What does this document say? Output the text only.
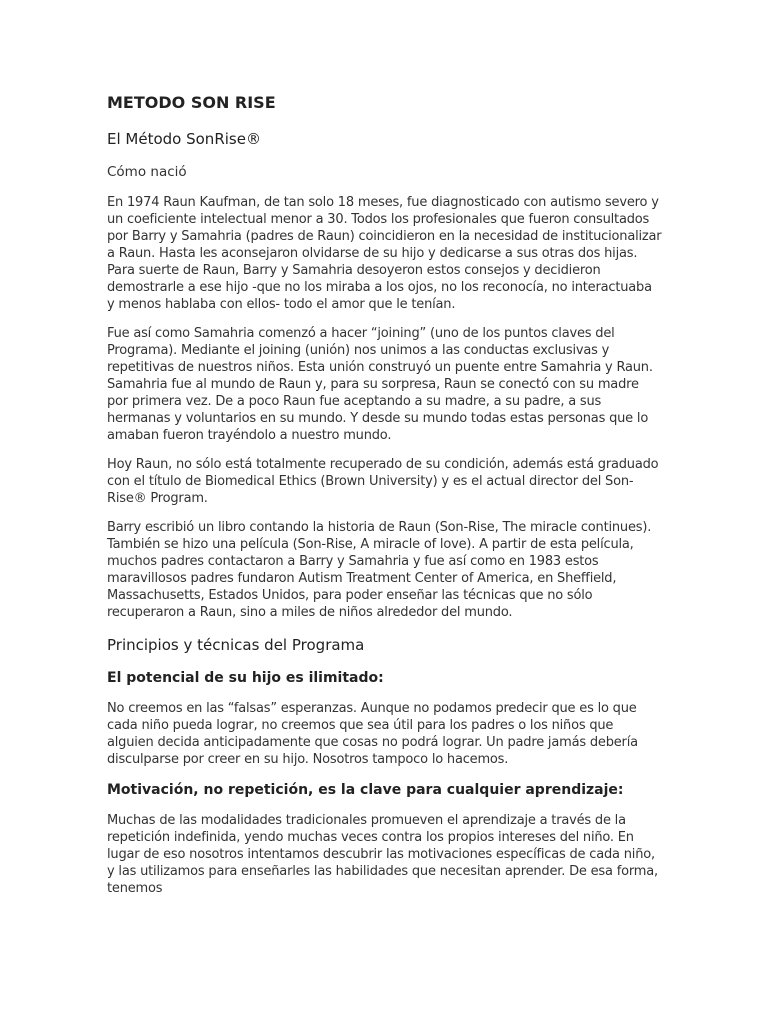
METODO SON RISE
El Método SonRise®
Cómo nació

En 1974 Raun Kaufman, de tan solo 18 meses, fue diagnosticado con autismo severo y un coeficiente intelectual menor a 30. Todos los profesionales que fueron consultados por Barry y Samahria (padres de Raun) coincidieron en la necesidad de institucionalizar a Raun. Hasta les aconsejaron olvidarse de su hijo y dedicarse a sus otras dos hijas. Para suerte de Raun, Barry y Samahria desoyeron estos consejos y decidieron demostrarle a ese hijo -que no los miraba a los ojos, no los reconocía, no interactuaba y menos hablaba con ellos- todo el amor que le tenían.

Fue así como Samahria comenzó a hacer “joining” (uno de los puntos claves del Programa). Mediante el joining (unión) nos unimos a las conductas exclusivas y repetitivas de nuestros niños. Esta unión construyó un puente entre Samahria y Raun. Samahria fue al mundo de Raun y, para su sorpresa, Raun se conectó con su madre por primera vez. De a poco Raun fue aceptando a su madre, a su padre, a sus hermanas y voluntarios en su mundo. Y desde su mundo todas estas personas que lo amaban fueron trayéndolo a nuestro mundo.

Hoy Raun, no sólo está totalmente recuperado de su condición, además está graduado con el título de Biomedical Ethics (Brown University) y es el actual director del Son-Rise® Program.

Barry escribió un libro contando la historia de Raun (Son-Rise, The miracle continues). También se hizo una película (Son-Rise, A miracle of love). A partir de esta película, muchos padres contactaron a Barry y Samahria y fue así como en 1983 estos maravillosos padres fundaron Autism Treatment Center of America, en Sheffield, Massachusetts, Estados Unidos, para poder enseñar las técnicas que no sólo recuperaron a Raun, sino a miles de niños alrededor del mundo.

Principios y técnicas del Programa
El potencial de su hijo es ilimitado:

No creemos en las “falsas” esperanzas. Aunque no podamos predecir que es lo que cada niño pueda lograr, no creemos que sea útil para los padres o los niños que alguien decida anticipadamente que cosas no podrá lograr. Un padre jamás debería disculparse por creer en su hijo. Nosotros tampoco lo hacemos.

Motivación, no repetición, es la clave para cualquier aprendizaje:

Muchas de las modalidades tradicionales promueven el aprendizaje a través de la repetición indefinida, yendo muchas veces contra los propios intereses del niño. En lugar de eso nosotros intentamos descubrir las motivaciones específicas de cada niño, y las utilizamos para enseñarles las habilidades que necesitan aprender. De esa forma, tenemos
